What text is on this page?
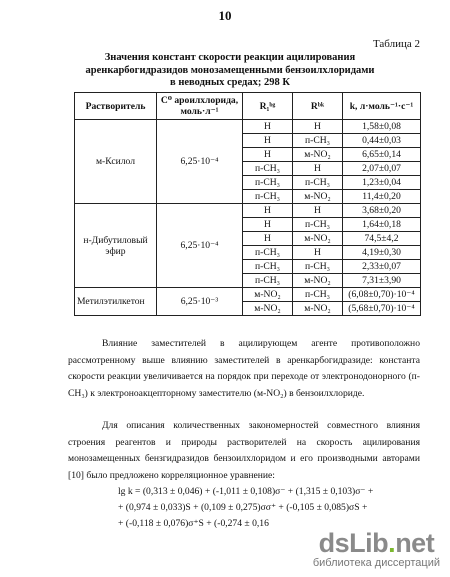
10
Таблица 2
Значения констант скорости реакции ацилирования
аренкарбогидразидов монозамещенными бензоилхлоридами
в неводных средах; 298 К
Растворитель	C⁰ ароилхлорида, моль·л⁻¹	R₁ᵇᵍ	Rᵇᵏ	k, л·моль⁻¹·с⁻¹
м-Ксилол	6,25·10⁻⁴	H	H	1,58±0,08
		H	п-CH₃	0,44±0,03
		H	м-NO₂	6,65±0,14
		п-CH₃	H	2,07±0,07
		п-CH₃	п-CH₃	1,23±0,04
		п-CH₃	м-NO₂	11,4±0,20
н-Дибутиловый эфир	6,25·10⁻⁴	H	H	3,68±0,20
		H	п-CH₃	1,64±0,18
		H	м-NO₂	74,5±4,2
		п-CH₃	H	4,19±0,30
		п-CH₃	п-CH₃	2,33±0,07
		п-CH₃	м-NO₂	7,31±3,90
Метилэтилкетон	6,25·10⁻³	м-NO₂	п-CH₃	(6,08±0,70)·10⁻⁴
		м-NO₂	м-NO₂	(5,68±0,70)·10⁻⁴

Влияние заместителей в ацилирующем агенте противоположно рассмотренному выше влиянию заместителей в аренкарбогидразиде: константа скорости реакции увеличивается на порядок при переходе от электронодонорного (п-CH₃) к электроноакцепторному заместителю (м-NO₂) в бензоилхлориде.

Для описания количественных закономерностей совместного влияния строения реагентов и природы растворителей на скорость ацилирования монозамещенных бензгидразидов бензоилхлоридом и его производными авторами [10] было предложено корреляционное уравнение:

lg k = (0,313 ± 0,046) + (-1,011 ± 0,108)σ⁻ + (1,315 ± 0,103)σ⁻ +
+ (0,974 ± 0,033)S + (0,109 ± 0,275)σσ⁺ + (-0,105 ± 0,085)σS +
+ (-0,118 ± 0,076)σ⁺S + (-0,274 ± 0,16
dsLib.net
библиотека диссертаций
